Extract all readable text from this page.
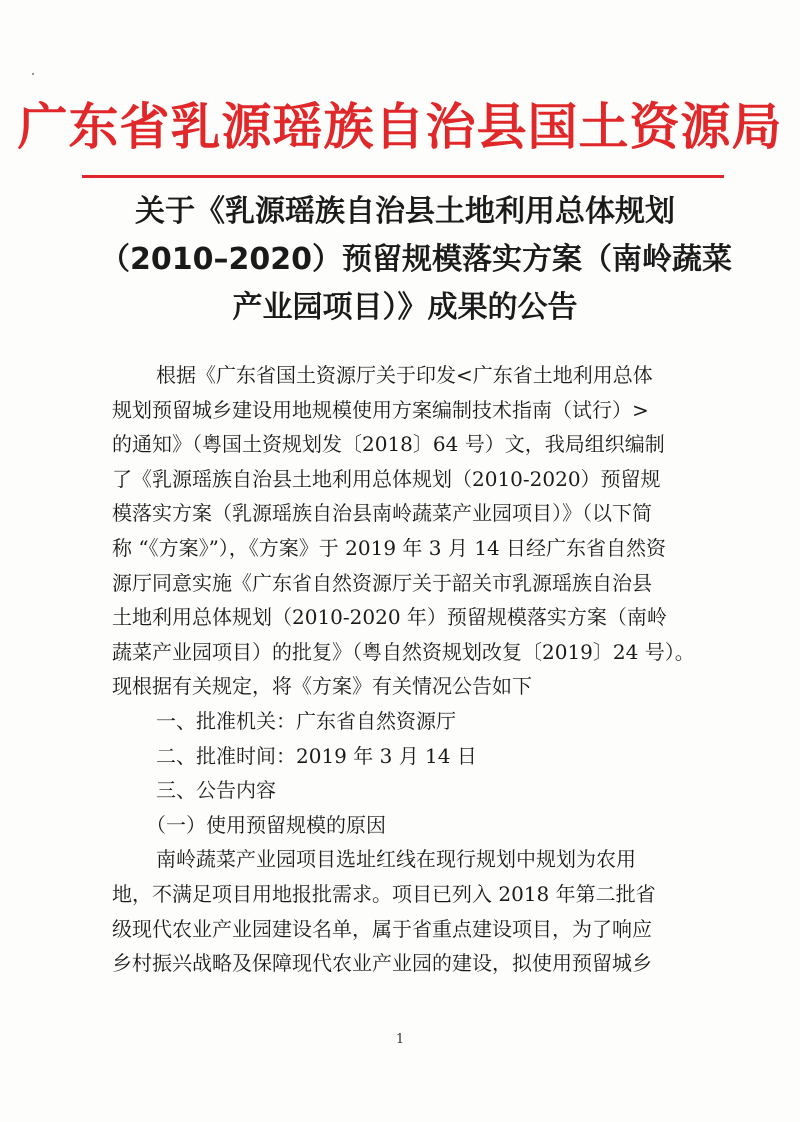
广东省乳源瑶族自治县国土资源局
关于《乳源瑶族自治县土地利用总体规划
（2010–2020）预留规模落实方案（南岭蔬菜
产业园项目）》成果的公告
根据《广东省国土资源厅关于印发<广东省土地利用总体
规划预留城乡建设用地规模使用方案编制技术指南（试行）>
的通知》（粤国土资规划发〔2018〕64 号）文，我局组织编制
了《乳源瑶族自治县土地利用总体规划（2010-2020）预留规
模落实方案（乳源瑶族自治县南岭蔬菜产业园项目）》（以下简
称 “《方案》”），《方案》于 2019 年 3 月 14 日经广东省自然资
源厅同意实施《广东省自然资源厅关于韶关市乳源瑶族自治县
土地利用总体规划（2010-2020 年）预留规模落实方案（南岭
蔬菜产业园项目）的批复》（粤自然资规划改复〔2019〕24 号）。
现根据有关规定，将《方案》有关情况公告如下
一、批准机关：广东省自然资源厅
二、批准时间：2019 年 3 月 14 日
三、公告内容
（一）使用预留规模的原因
南岭蔬菜产业园项目选址红线在现行规划中规划为农用
地，不满足项目用地报批需求。项目已列入 2018 年第二批省
级现代农业产业园建设名单，属于省重点建设项目，为了响应
乡村振兴战略及保障现代农业产业园的建设，拟使用预留城乡
1
